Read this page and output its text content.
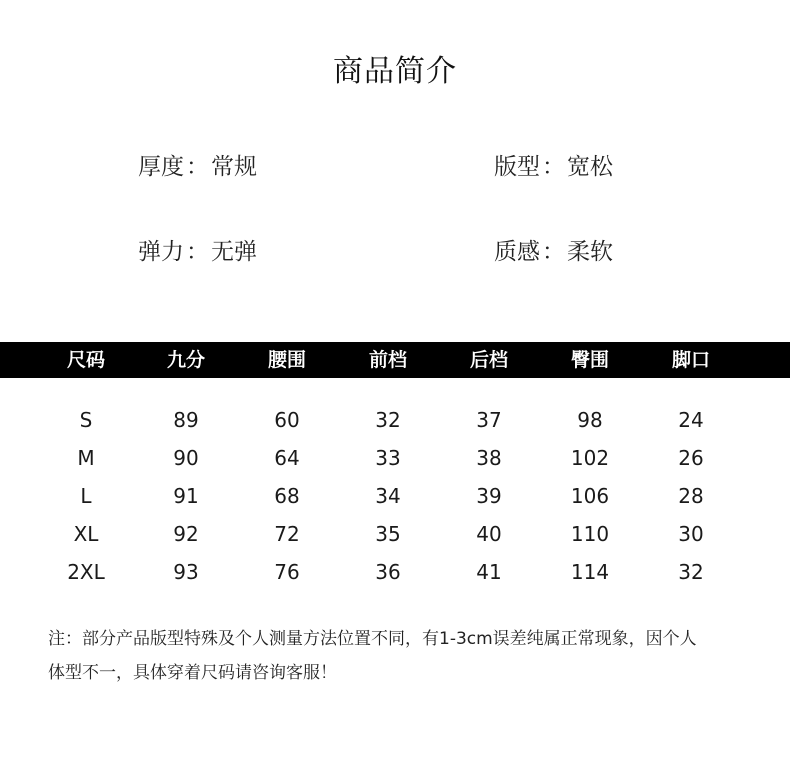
商品简介
厚度：常规	版型：宽松
弹力：无弹	质感：柔软
尺码	九分	腰围	前档	后档	臀围	脚口
S	89	60	32	37	98	24
M	90	64	33	38	102	26
L	91	68	34	39	106	28
XL	92	72	35	40	110	30
2XL	93	76	36	41	114	32
注：部分产品版型特殊及个人测量方法位置不同，有1-3cm误差纯属正常现象，因个人
体型不一，具体穿着尺码请咨询客服！
